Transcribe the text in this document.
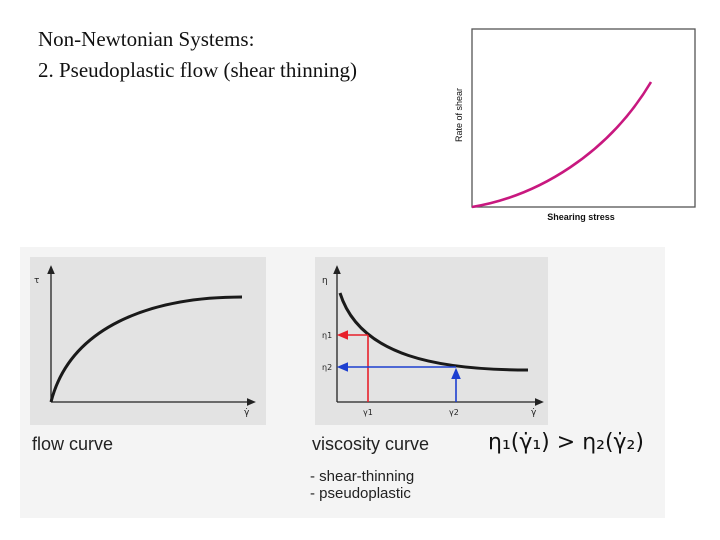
Non-Newtonian Systems:
2. Pseudoplastic flow (shear thinning)
Rate of shear
Shearing stress
τ
γ̇
η
η1
η2
γ1	γ2	γ̇
flow curve	viscosity curve	η₁(γ̇₁) > η₂(γ̇₂)
- shear-thinning
- pseudoplastic
